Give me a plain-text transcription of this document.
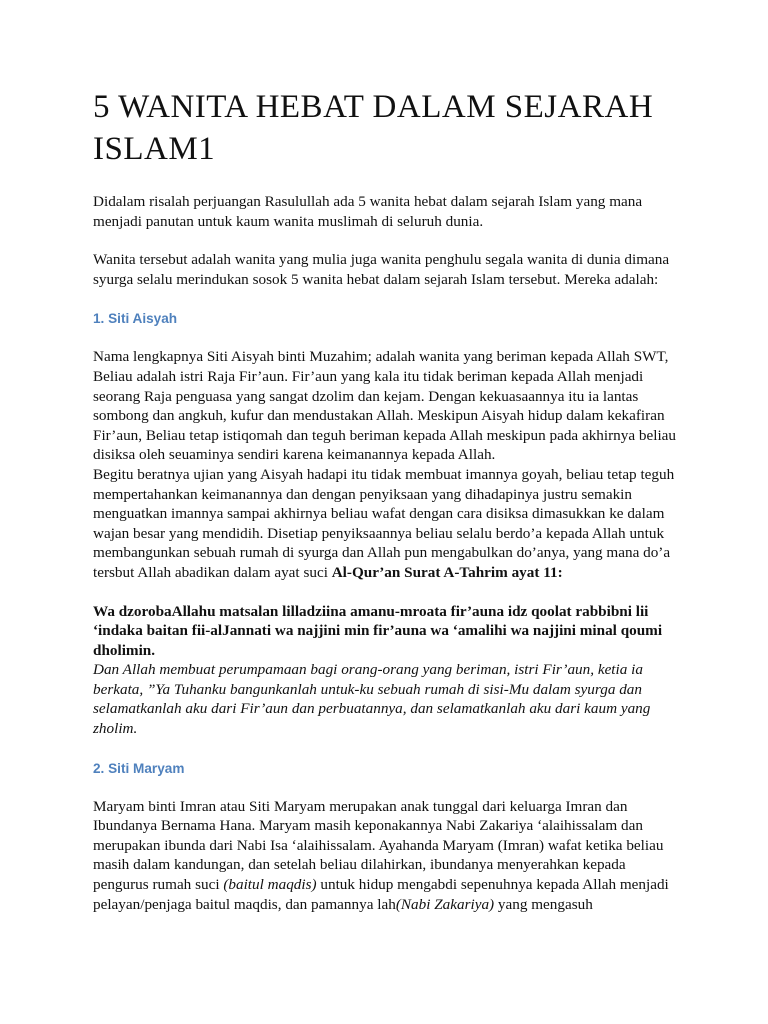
5 WANITA HEBAT DALAM SEJARAH ISLAM1

Didalam risalah perjuangan Rasulullah ada 5 wanita hebat dalam sejarah Islam yang mana menjadi panutan untuk kaum wanita muslimah di seluruh dunia.

Wanita tersebut adalah wanita yang mulia juga wanita penghulu segala wanita di dunia dimana syurga selalu merindukan sosok 5 wanita hebat dalam sejarah Islam tersebut. Mereka adalah:

1. Siti Aisyah

Nama lengkapnya Siti Aisyah binti Muzahim; adalah wanita yang beriman kepada Allah SWT, Beliau adalah istri Raja Fir’aun. Fir’aun yang kala itu tidak beriman kepada Allah menjadi seorang Raja penguasa yang sangat dzolim dan kejam. Dengan kekuasaannya itu ia lantas sombong dan angkuh, kufur dan mendustakan Allah. Meskipun Aisyah hidup dalam kekafiran Fir’aun, Beliau tetap istiqomah dan teguh beriman kepada Allah meskipun pada akhirnya beliau disiksa oleh seuaminya sendiri karena keimanannya kepada Allah.

Begitu beratnya ujian yang Aisyah hadapi itu tidak membuat imannya goyah, beliau tetap teguh mempertahankan keimanannya dan dengan penyiksaan yang dihadapinya justru semakin menguatkan imannya sampai akhirnya beliau wafat dengan cara disiksa dimasukkan ke dalam wajan besar yang mendidih. Disetiap penyiksaannya beliau selalu berdo’a kepada Allah untuk membangunkan sebuah rumah di syurga dan Allah pun mengabulkan do’anya, yang mana do’a tersbut Allah abadikan dalam ayat suci Al-Qur’an Surat A-Tahrim ayat 11:

Wa dzorobaAllahu matsalan lilladziina amanu-mroata fir’auna idz qoolat rabbibni lii ‘indaka baitan fii-alJannati wa najjini min fir’auna wa ‘amalihi wa najjini minal qoumi dholimin.

Dan Allah membuat perumpamaan bagi orang-orang yang beriman, istri Fir’aun, ketia ia berkata, ”Ya Tuhanku bangunkanlah untuk-ku sebuah rumah di sisi-Mu dalam syurga dan selamatkanlah aku dari Fir’aun dan perbuatannya, dan selamatkanlah aku dari kaum yang zholim.

2. Siti Maryam

Maryam binti Imran atau Siti Maryam merupakan anak tunggal dari keluarga Imran dan Ibundanya Bernama Hana. Maryam masih keponakannya Nabi Zakariya ‘alaihissalam dan merupakan ibunda dari Nabi Isa ‘alaihissalam. Ayahanda Maryam (Imran) wafat ketika beliau masih dalam kandungan, dan setelah beliau dilahirkan, ibundanya menyerahkan kepada pengurus rumah suci (baitul maqdis) untuk hidup mengabdi sepenuhnya kepada Allah menjadi pelayan/penjaga baitul maqdis, dan pamannya lah(Nabi Zakariya) yang mengasuh
